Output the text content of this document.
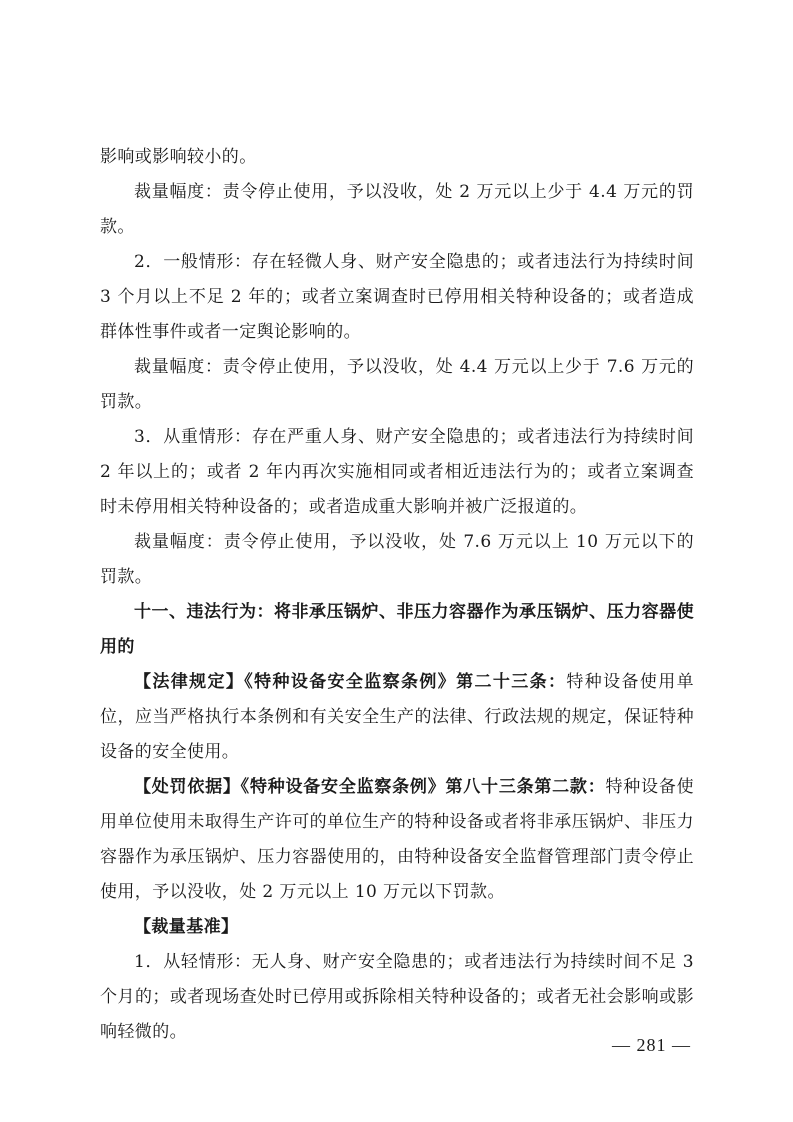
影响或影响较小的。

裁量幅度：责令停止使用，予以没收，处 2 万元以上少于 4.4 万元的罚款。

2．一般情形：存在轻微人身、财产安全隐患的；或者违法行为持续时间 3 个月以上不足 2 年的；或者立案调查时已停用相关特种设备的；或者造成群体性事件或者一定舆论影响的。

裁量幅度：责令停止使用，予以没收，处 4.4 万元以上少于 7.6 万元的罚款。

3．从重情形：存在严重人身、财产安全隐患的；或者违法行为持续时间 2 年以上的；或者 2 年内再次实施相同或者相近违法行为的；或者立案调查时未停用相关特种设备的；或者造成重大影响并被广泛报道的。

裁量幅度：责令停止使用，予以没收，处 7.6 万元以上 10 万元以下的罚款。

十一、违法行为：将非承压锅炉、非压力容器作为承压锅炉、压力容器使用的

【法律规定】《特种设备安全监察条例》第二十三条：特种设备使用单位，应当严格执行本条例和有关安全生产的法律、行政法规的规定，保证特种设备的安全使用。

【处罚依据】《特种设备安全监察条例》第八十三条第二款：特种设备使用单位使用未取得生产许可的单位生产的特种设备或者将非承压锅炉、非压力容器作为承压锅炉、压力容器使用的，由特种设备安全监督管理部门责令停止使用，予以没收，处 2 万元以上 10 万元以下罚款。

【裁量基准】

1．从轻情形：无人身、财产安全隐患的；或者违法行为持续时间不足 3 个月的；或者现场查处时已停用或拆除相关特种设备的；或者无社会影响或影响轻微的。

— 281 —
